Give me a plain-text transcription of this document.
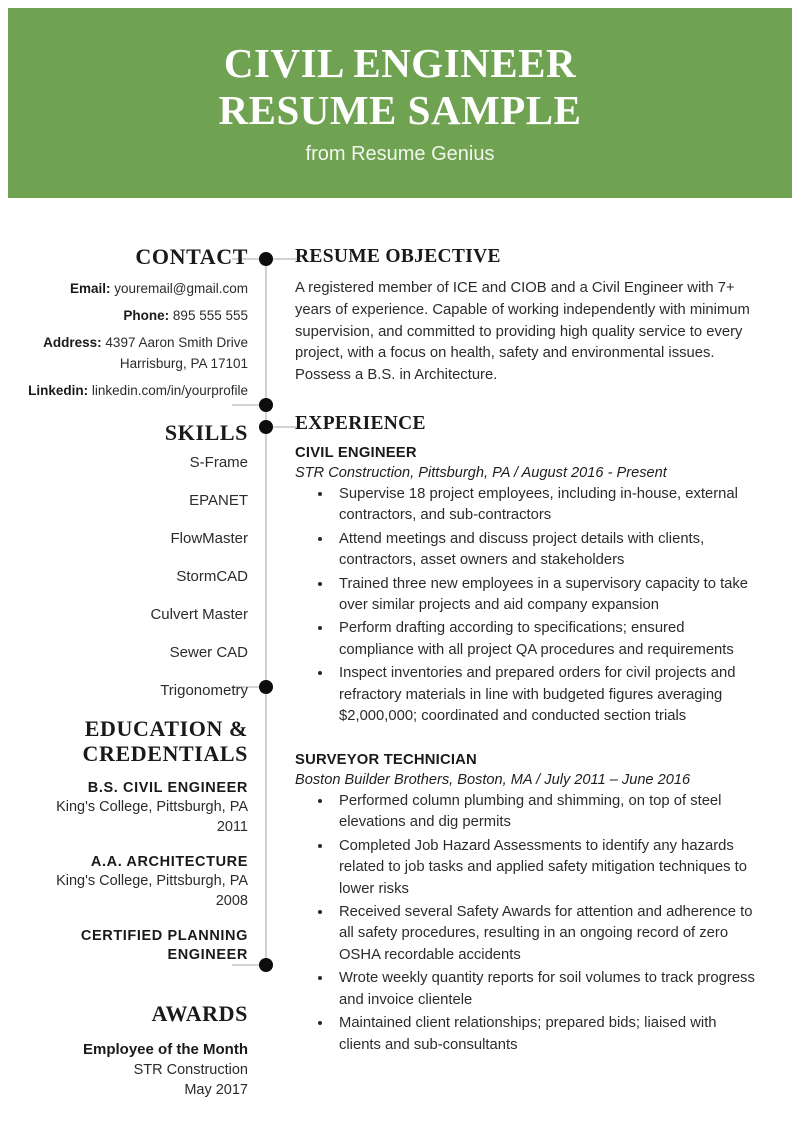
CIVIL ENGINEER
RESUME SAMPLE
from Resume Genius
CONTACT
Email: youremail@gmail.com
Phone: 895 555 555
Address: 4397 Aaron Smith Drive
Harrisburg, PA 17101
Linkedin: linkedin.com/in/yourprofile
SKILLS
S-Frame
EPANET
FlowMaster
StormCAD
Culvert Master
Sewer CAD
Trigonometry
EDUCATION &
CREDENTIALS
B.S. CIVIL ENGINEER
King's College, Pittsburgh, PA
2011
A.A. ARCHITECTURE
King's College, Pittsburgh, PA
2008
CERTIFIED PLANNING ENGINEER
AWARDS
Employee of the Month
STR Construction
May 2017
RESUME OBJECTIVE

A registered member of ICE and CIOB and a Civil Engineer with 7+ years of experience. Capable of working independently with minimum supervision, and committed to providing high quality service to every project, with a focus on health, safety and environmental issues. Possess a B.S. in Architecture.

EXPERIENCE
CIVIL ENGINEER
STR Construction, Pittsburgh, PA / August 2016 - Present
• Supervise 18 project employees, including in-house, external contractors, and sub-contractors
• Attend meetings and discuss project details with clients, contractors, asset owners and stakeholders
• Trained three new employees in a supervisory capacity to take over similar projects and aid company expansion
• Perform drafting according to specifications; ensured compliance with all project QA procedures and requirements
• Inspect inventories and prepared orders for civil projects and refractory materials in line with budgeted figures averaging $2,000,000; coordinated and conducted section trials
SURVEYOR TECHNICIAN
Boston Builder Brothers, Boston, MA / July 2011 – June 2016
• Performed column plumbing and shimming, on top of steel elevations and dig permits
• Completed Job Hazard Assessments to identify any hazards related to job tasks and applied safety mitigation techniques to lower risks
• Received several Safety Awards for attention and adherence to all safety procedures, resulting in an ongoing record of zero OSHA recordable accidents
• Wrote weekly quantity reports for soil volumes to track progress and invoice clientele
• Maintained client relationships; prepared bids; liaised with clients and sub-consultants
